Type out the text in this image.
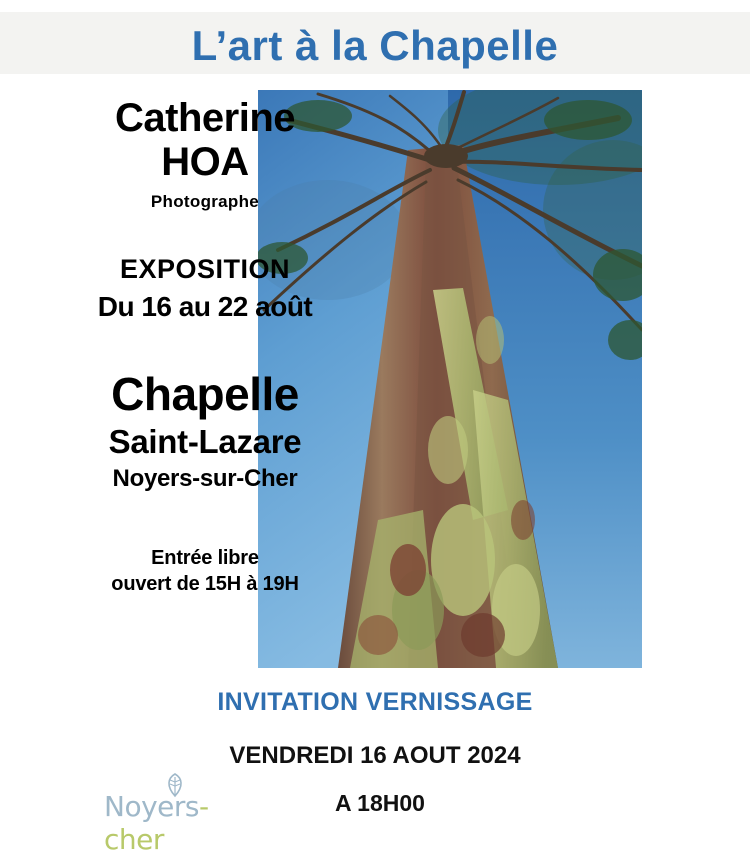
L’art à la Chapelle
Catherine
HOA
Photographe
EXPOSITION
Du 16 au 22 août
Chapelle
Saint-Lazare
Noyers-sur-Cher
Entrée libre
ouvert de 15H à 19H
INVITATION VERNISSAGE
VENDREDI 16 AOUT 2024
A 18H00
Noyers-cher
